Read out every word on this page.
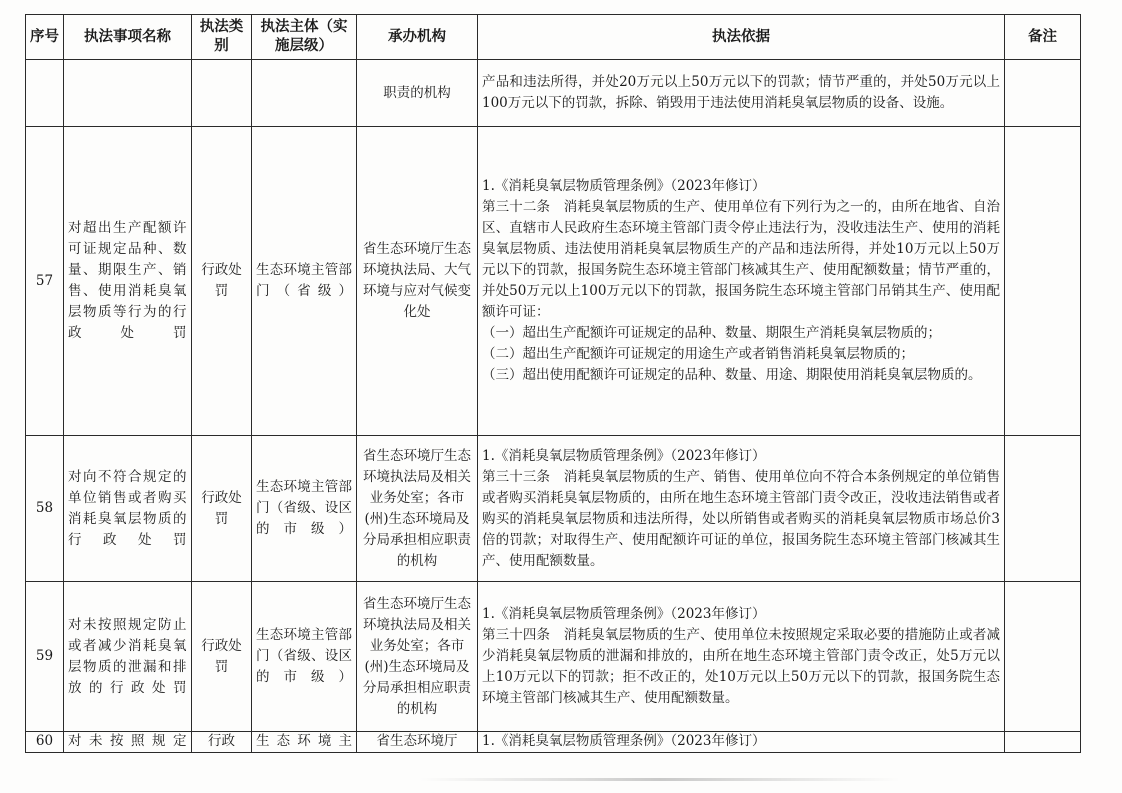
序号	执法事项名称	执法类别	执法主体（实施层级）	承办机构	执法依据	备注
				职责的机构	产品和违法所得，并处20万元以上50万元以下的罚款；情节严重的，并处50万元以上100万元以下的罚款，拆除、销毁用于违法使用消耗臭氧层物质的设备、设施。	

57	对超出生产配额许可证规定品种、数量、期限生产、销售、使用消耗臭氧层物质等行为的行政处罚	行政处罚	生态环境主管部门（省级）	省生态环境厅生态环境执法局、大气环境与应对气候变化处	1.《消耗臭氧层物质管理条例》（2023年修订）
第三十二条　消耗臭氧层物质的生产、使用单位有下列行为之一的，由所在地省、自治区、直辖市人民政府生态环境主管部门责令停止违法行为，没收违法生产、使用的消耗臭氧层物质、违法使用消耗臭氧层物质生产的产品和违法所得，并处10万元以上50万元以下的罚款，报国务院生态环境主管部门核减其生产、使用配额数量；情节严重的，并处50万元以上100万元以下的罚款，报国务院生态环境主管部门吊销其生产、使用配额许可证：
（一）超出生产配额许可证规定的品种、数量、期限生产消耗臭氧层物质的；
（二）超出生产配额许可证规定的用途生产或者销售消耗臭氧层物质的；
（三）超出使用配额许可证规定的品种、数量、用途、期限使用消耗臭氧层物质的。	

58	对向不符合规定的单位销售或者购买消耗臭氧层物质的行政处罚	行政处罚	生态环境主管部门（省级、设区的市级）	省生态环境厅生态环境执法局及相关业务处室；各市(州)生态环境局及分局承担相应职责的机构	1.《消耗臭氧层物质管理条例》（2023年修订）
第三十三条　消耗臭氧层物质的生产、销售、使用单位向不符合本条例规定的单位销售或者购买消耗臭氧层物质的，由所在地生态环境主管部门责令改正，没收违法销售或者购买的消耗臭氧层物质和违法所得，处以所销售或者购买的消耗臭氧层物质市场总价3倍的罚款；对取得生产、使用配额许可证的单位，报国务院生态环境主管部门核减其生产、使用配额数量。	

59	对未按照规定防止或者减少消耗臭氧层物质的泄漏和排放的行政处罚	行政处罚	生态环境主管部门（省级、设区的市级）	省生态环境厅生态环境执法局及相关业务处室；各市(州)生态环境局及分局承担相应职责的机构	1.《消耗臭氧层物质管理条例》（2023年修订）
第三十四条　消耗臭氧层物质的生产、使用单位未按照规定采取必要的措施防止或者减少消耗臭氧层物质的泄漏和排放的，由所在地生态环境主管部门责令改正，处5万元以上10万元以下的罚款；拒不改正的，处10万元以上50万元以下的罚款，报国务院生态环境主管部门核减其生产、使用配额数量。	

60	对未按照规定	行政	生态环境主	省生态环境厅	1.《消耗臭氧层物质管理条例》（2023年修订）	
